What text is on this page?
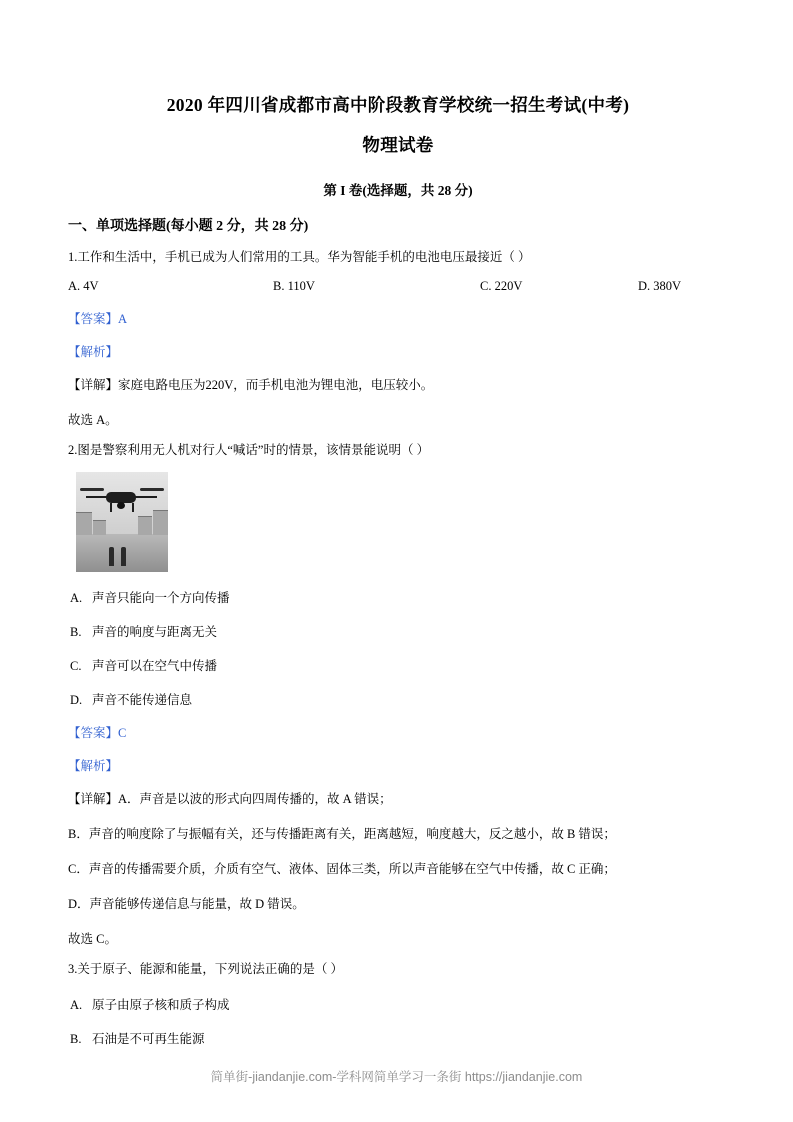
2020 年四川省成都市高中阶段教育学校统一招生考试(中考)
物理试卷
第 I 卷(选择题，共 28 分)
一、单项选择题(每小题 2 分，共 28 分)
1.工作和生活中，手机已成为人们常用的工具。华为智能手机的电池电压最接近（ ）
A. 4V	B. 110V	C. 220V	D. 380V
【答案】A
【解析】
【详解】家庭电路电压为220V，而手机电池为锂电池，电压较小。
故选 A。
2.图是警察利用无人机对行人“喊话”时的情景，该情景能说明（ ）
A. 声音只能向一个方向传播
B. 声音的响度与距离无关
C. 声音可以在空气中传播
D. 声音不能传递信息
【答案】C
【解析】
【详解】A．声音是以波的形式向四周传播的，故 A 错误；
B．声音的响度除了与振幅有关，还与传播距离有关，距离越短，响度越大，反之越小，故 B 错误；
C．声音的传播需要介质，介质有空气、液体、固体三类，所以声音能够在空气中传播，故 C 正确；
D．声音能够传递信息与能量，故 D 错误。
故选 C。
3.关于原子、能源和能量，下列说法正确的是（ ）
A. 原子由原子核和质子构成
B. 石油是不可再生能源
简单街-jiandanjie.com-学科网简单学习一条街 https://jiandanjie.com
